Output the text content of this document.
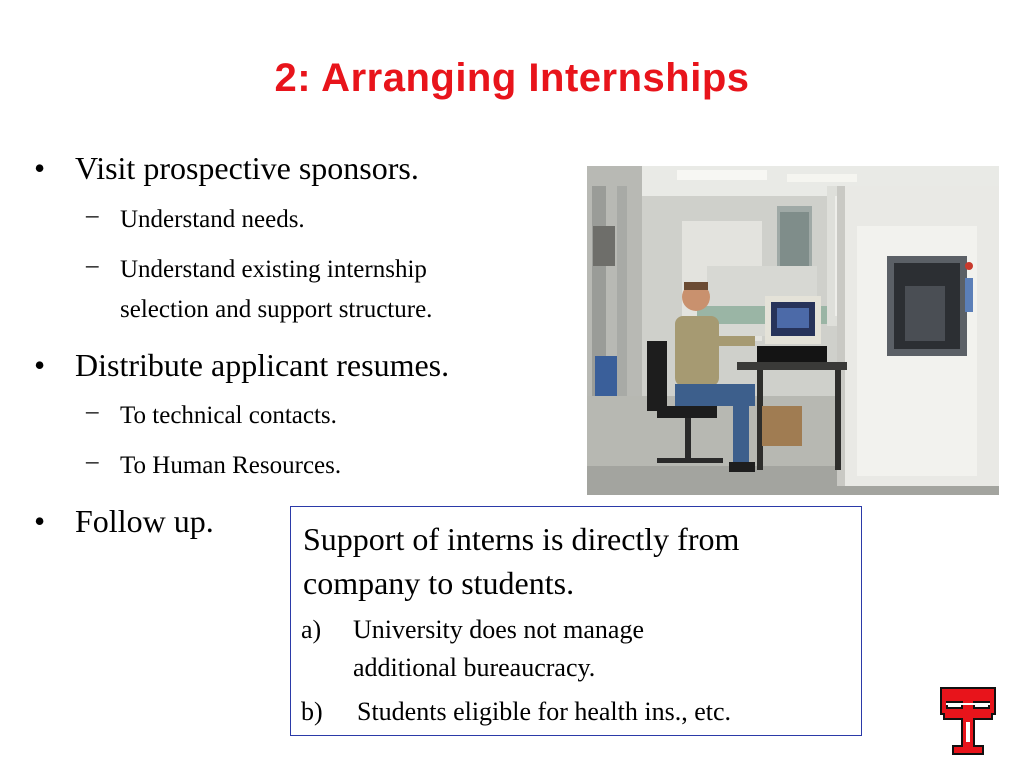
2: Arranging Internships
• Visit prospective sponsors.
– Understand needs.
– Understand existing internship
selection and support structure.
• Distribute applicant resumes.
– To technical contacts.
– To Human Resources.
• Follow up.	Support of interns is directly from
company to students.
a) University does not manage
additional bureaucracy.
b) Students eligible for health ins., etc.
